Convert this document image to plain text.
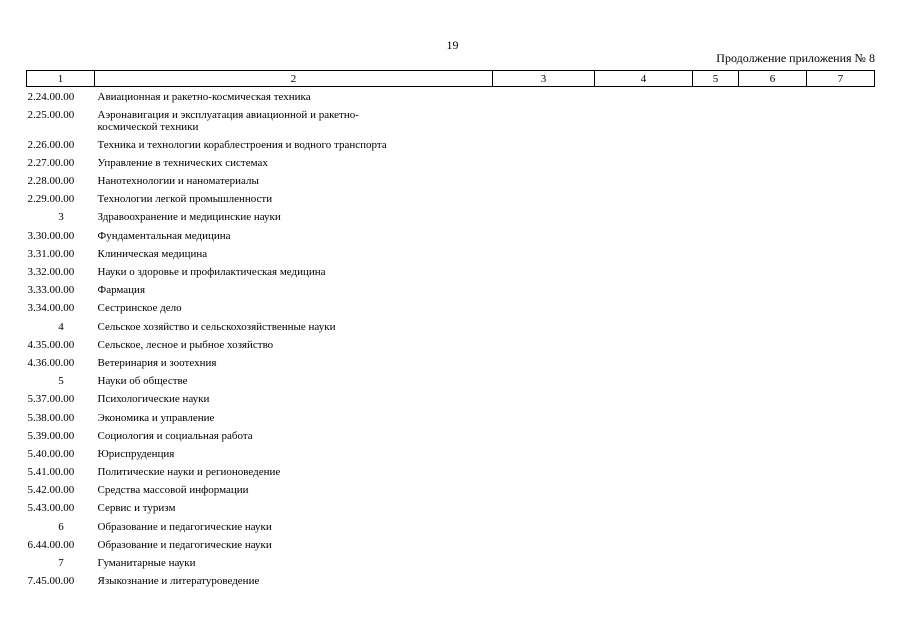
19
Продолжение приложения № 8
1	2	3	4	5	6	7
2.24.00.00	Авиационная и ракетно-космическая техника					
2.25.00.00	Аэронавигация и эксплуатация авиационной и ракетно-космической техники					
2.26.00.00	Техника и технологии кораблестроения и водного транспорта					
2.27.00.00	Управление в технических системах					
2.28.00.00	Нанотехнологии и наноматериалы					
2.29.00.00	Технологии легкой промышленности					
3	Здравоохранение и медицинские науки					
3.30.00.00	Фундаментальная медицина					
3.31.00.00	Клиническая медицина					
3.32.00.00	Науки о здоровье и профилактическая медицина					
3.33.00.00	Фармация					
3.34.00.00	Сестринское дело					
4	Сельское хозяйство и сельскохозяйственные науки					
4.35.00.00	Сельское, лесное и рыбное хозяйство					
4.36.00.00	Ветеринария и зоотехния					
5	Науки об обществе					
5.37.00.00	Психологические науки					
5.38.00.00	Экономика и управление					
5.39.00.00	Социология и социальная работа					
5.40.00.00	Юриспруденция					
5.41.00.00	Политические науки и регионоведение					
5.42.00.00	Средства массовой информации					
5.43.00.00	Сервис и туризм					
6	Образование и педагогические науки					
6.44.00.00	Образование и педагогические науки					
7	Гуманитарные науки					
7.45.00.00	Языкознание и литературоведение					
